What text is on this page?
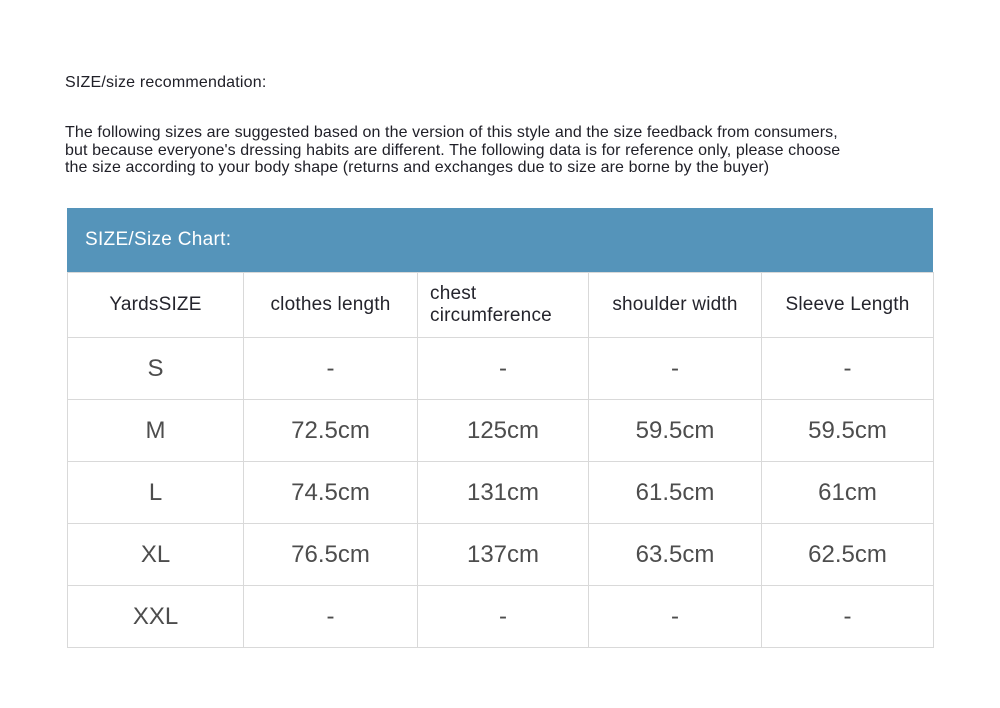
SIZE/size recommendation:
The following sizes are suggested based on the version of this style and the size feedback from consumers,
but because everyone's dressing habits are different. The following data is for reference only, please choose
the size according to your body shape (returns and exchanges due to size are borne by the buyer)
SIZE/Size Chart:
YardsSIZE	clothes length	chest circumference	shoulder width	Sleeve Length
S	-	-	-	-
M	72.5cm	125cm	59.5cm	59.5cm
L	74.5cm	131cm	61.5cm	61cm
XL	76.5cm	137cm	63.5cm	62.5cm
XXL	-	-	-	-
